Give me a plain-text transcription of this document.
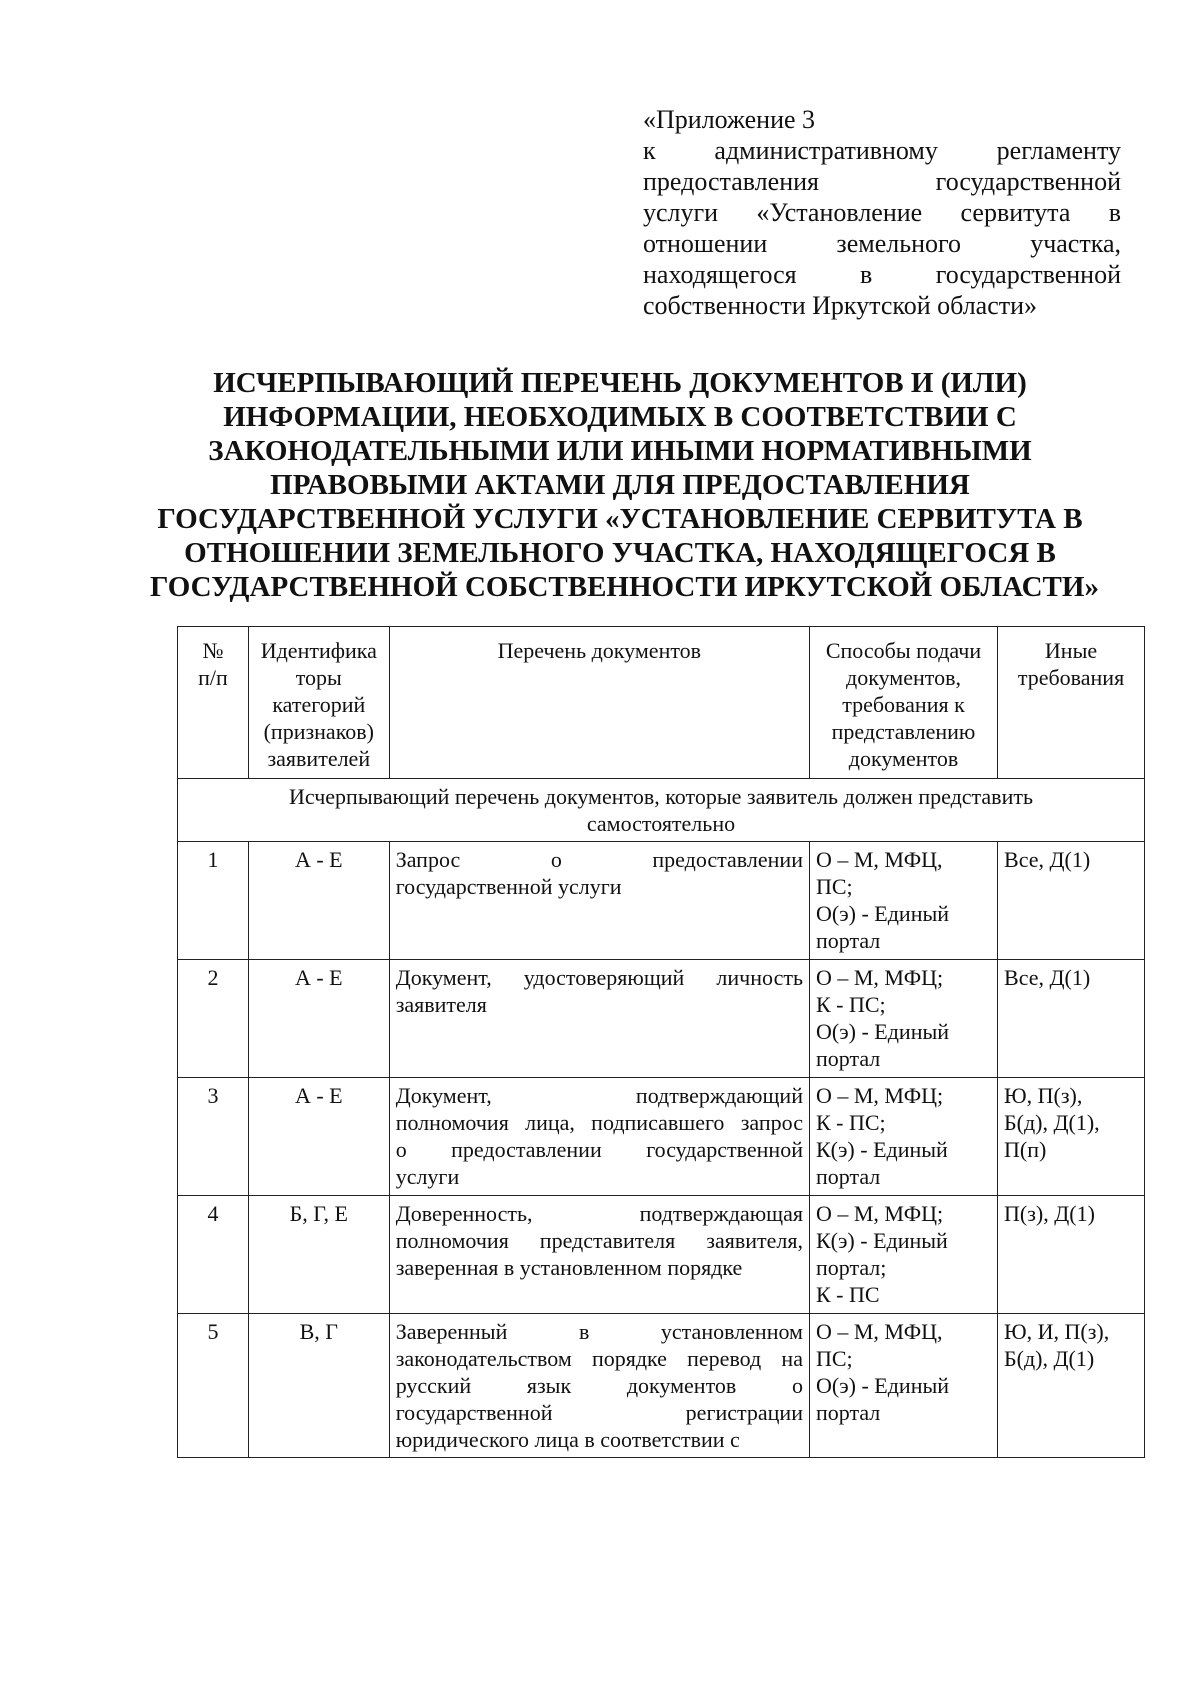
«Приложение 3
к административному регламенту
предоставления государственной
услуги «Установление сервитута в
отношении земельного участка,
находящегося в государственной
собственности Иркутской области»
ИСЧЕРПЫВАЮЩИЙ ПЕРЕЧЕНЬ ДОКУМЕНТОВ И (ИЛИ)
ИНФОРМАЦИИ, НЕОБХОДИМЫХ В СООТВЕТСТВИИ С
ЗАКОНОДАТЕЛЬНЫМИ ИЛИ ИНЫМИ НОРМАТИВНЫМИ
ПРАВОВЫМИ АКТАМИ ДЛЯ ПРЕДОСТАВЛЕНИЯ
ГОСУДАРСТВЕННОЙ УСЛУГИ «УСТАНОВЛЕНИЕ СЕРВИТУТА В
ОТНОШЕНИИ ЗЕМЕЛЬНОГО УЧАСТКА, НАХОДЯЩЕГОСЯ В
ГОСУДАРСТВЕННОЙ СОБСТВЕННОСТИ ИРКУТСКОЙ ОБЛАСТИ»
№
п/п	Идентифика
торы
категорий
(признаков)
заявителей	Перечень документов	Способы подачи
документов,
требования к
представлению
документов	Иные
требования

Исчерпывающий перечень документов, которые заявитель должен представить
самостоятельно				

1	А - Е	Запрос о предоставлении
государственной услуги	О – М, МФЦ,
ПС;
О(э) - Единый
портал	Все, Д(1)

2	А - Е	Документ, удостоверяющий личность
заявителя	О – М, МФЦ;
К - ПС;
О(э) - Единый
портал	Все, Д(1)

3	А - Е	Документ, подтверждающий
полномочия лица, подписавшего запрос
о предоставлении государственной
услуги	О – М, МФЦ;
К - ПС;
К(э) - Единый
портал	Ю, П(з),
Б(д), Д(1),
П(п)

4	Б, Г, Е	Доверенность, подтверждающая
полномочия представителя заявителя,
заверенная в установленном порядке	О – М, МФЦ;
К(э) - Единый
портал;
К - ПС	П(з), Д(1)

5	В, Г	Заверенный в установленном
законодательством порядке перевод на
русский язык документов о
государственной регистрации
юридического лица в соответствии с	О – М, МФЦ,
ПС;
О(э) - Единый
портал	Ю, И, П(з),
Б(д), Д(1)
